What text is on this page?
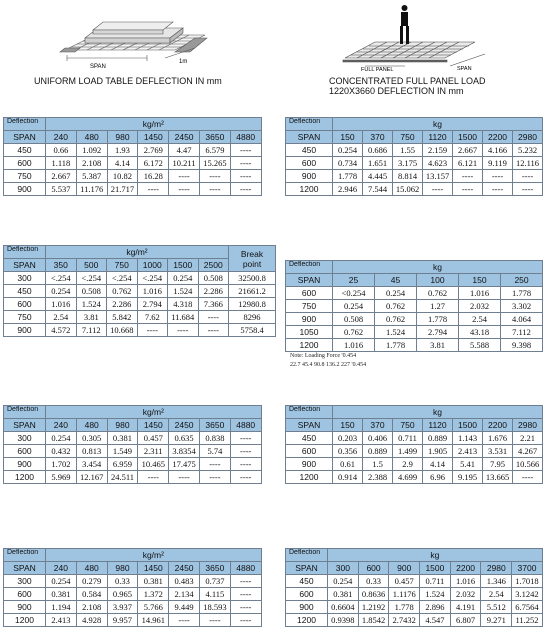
SPAN
1m
UNIFORM LOAD TABLE DEFLECTION IN mm
FULL PANEL	SPAN
CONCENTRATED FULL PANEL LOAD
1220X3660 DEFLECTION IN mm
Deflection	kg/m²						
SPAN	240	480	980	1450	2450	3650	4880
450	0.66	1.092	1.93	2.769	4.47	6.579	----
600	1.118	2.108	4.14	6.172	10.211	15.265	----
750	2.667	5.387	10.82	16.28	----	----	----
900	5.537	11.176	21.717	----	----	----	----
Deflection	kg						
SPAN	150	370	750	1120	1500	2200	2980
450	0.254	0.686	1.55	2.159	2.667	4.166	5.232
600	0.734	1.651	3.175	4.623	6.121	9.119	12.116
900	1.778	4.445	8.814	13.157	----	----	----
1200	2.946	7.544	15.062	----	----	----	----
Deflection	kg/m²						Break
point
SPAN	350	500	750	1000	1500	2500	
300	<.254	<.254	<.254	<.254	0.254	0.508	32500.8
450	0.254	0.508	0.762	1.016	1.524	2.286	21661.2
600	1.016	1.524	2.286	2.794	4.318	7.366	12980.8
750	2.54	3.81	5.842	7.62	11.684	----	8296
900	4.572	7.112	10.668	----	----	----	5758.4
Deflection	kg				
SPAN	25	45	100	150	250
600	<0.254	0.254	0.762	1.016	1.778
750	0.254	0.762	1.27	2.032	3.302
900	0.508	0.762	1.778	2.54	4.064
1050	0.762	1.524	2.794	43.18	7.112
1200	1.016	1.778	3.81	5.588	9.398
Note: Loading Force '0.454
22.7 45.4 90.8 136.2 227 '0.454
Deflection	kg/m²						
SPAN	240	480	980	1450	2450	3650	4880
300	0.254	0.305	0.381	0.457	0.635	0.838	----
600	0.432	0.813	1.549	2.311	3.8354	5.74	----
900	1.702	3.454	6.959	10.465	17.475	----	----
1200	5.969	12.167	24.511	----	----	----	----
Deflection	kg						
SPAN	150	370	750	1120	1500	2200	2980
450	0.203	0.406	0.711	0.889	1.143	1.676	2.21
600	0.356	0.889	1.499	1.905	2.413	3.531	4.267
900	0.61	1.5	2.9	4.14	5.41	7.95	10.566
1200	0.914	2.388	4.699	6.96	9.195	13.665	----
Deflection	kg/m²						
SPAN	240	480	980	1450	2450	3650	4880
300	0.254	0.279	0.33	0.381	0.483	0.737	----
600	0.381	0.584	0.965	1.372	2.134	4.115	----
900	1.194	2.108	3.937	5.766	9.449	18.593	----
1200	2.413	4.928	9.957	14.961	----	----	----
Deflection	kg						
SPAN	300	600	900	1500	2200	2980	3700
450	0.254	0.33	0.457	0.711	1.016	1.346	1.7018
600	0.381	0.8636	1.1176	1.524	2.032	2.54	3.1242
900	0.6604	1.2192	1.778	2.896	4.191	5.512	6.7564
1200	0.9398	1.8542	2.7432	4.547	6.807	9.271	11.252
